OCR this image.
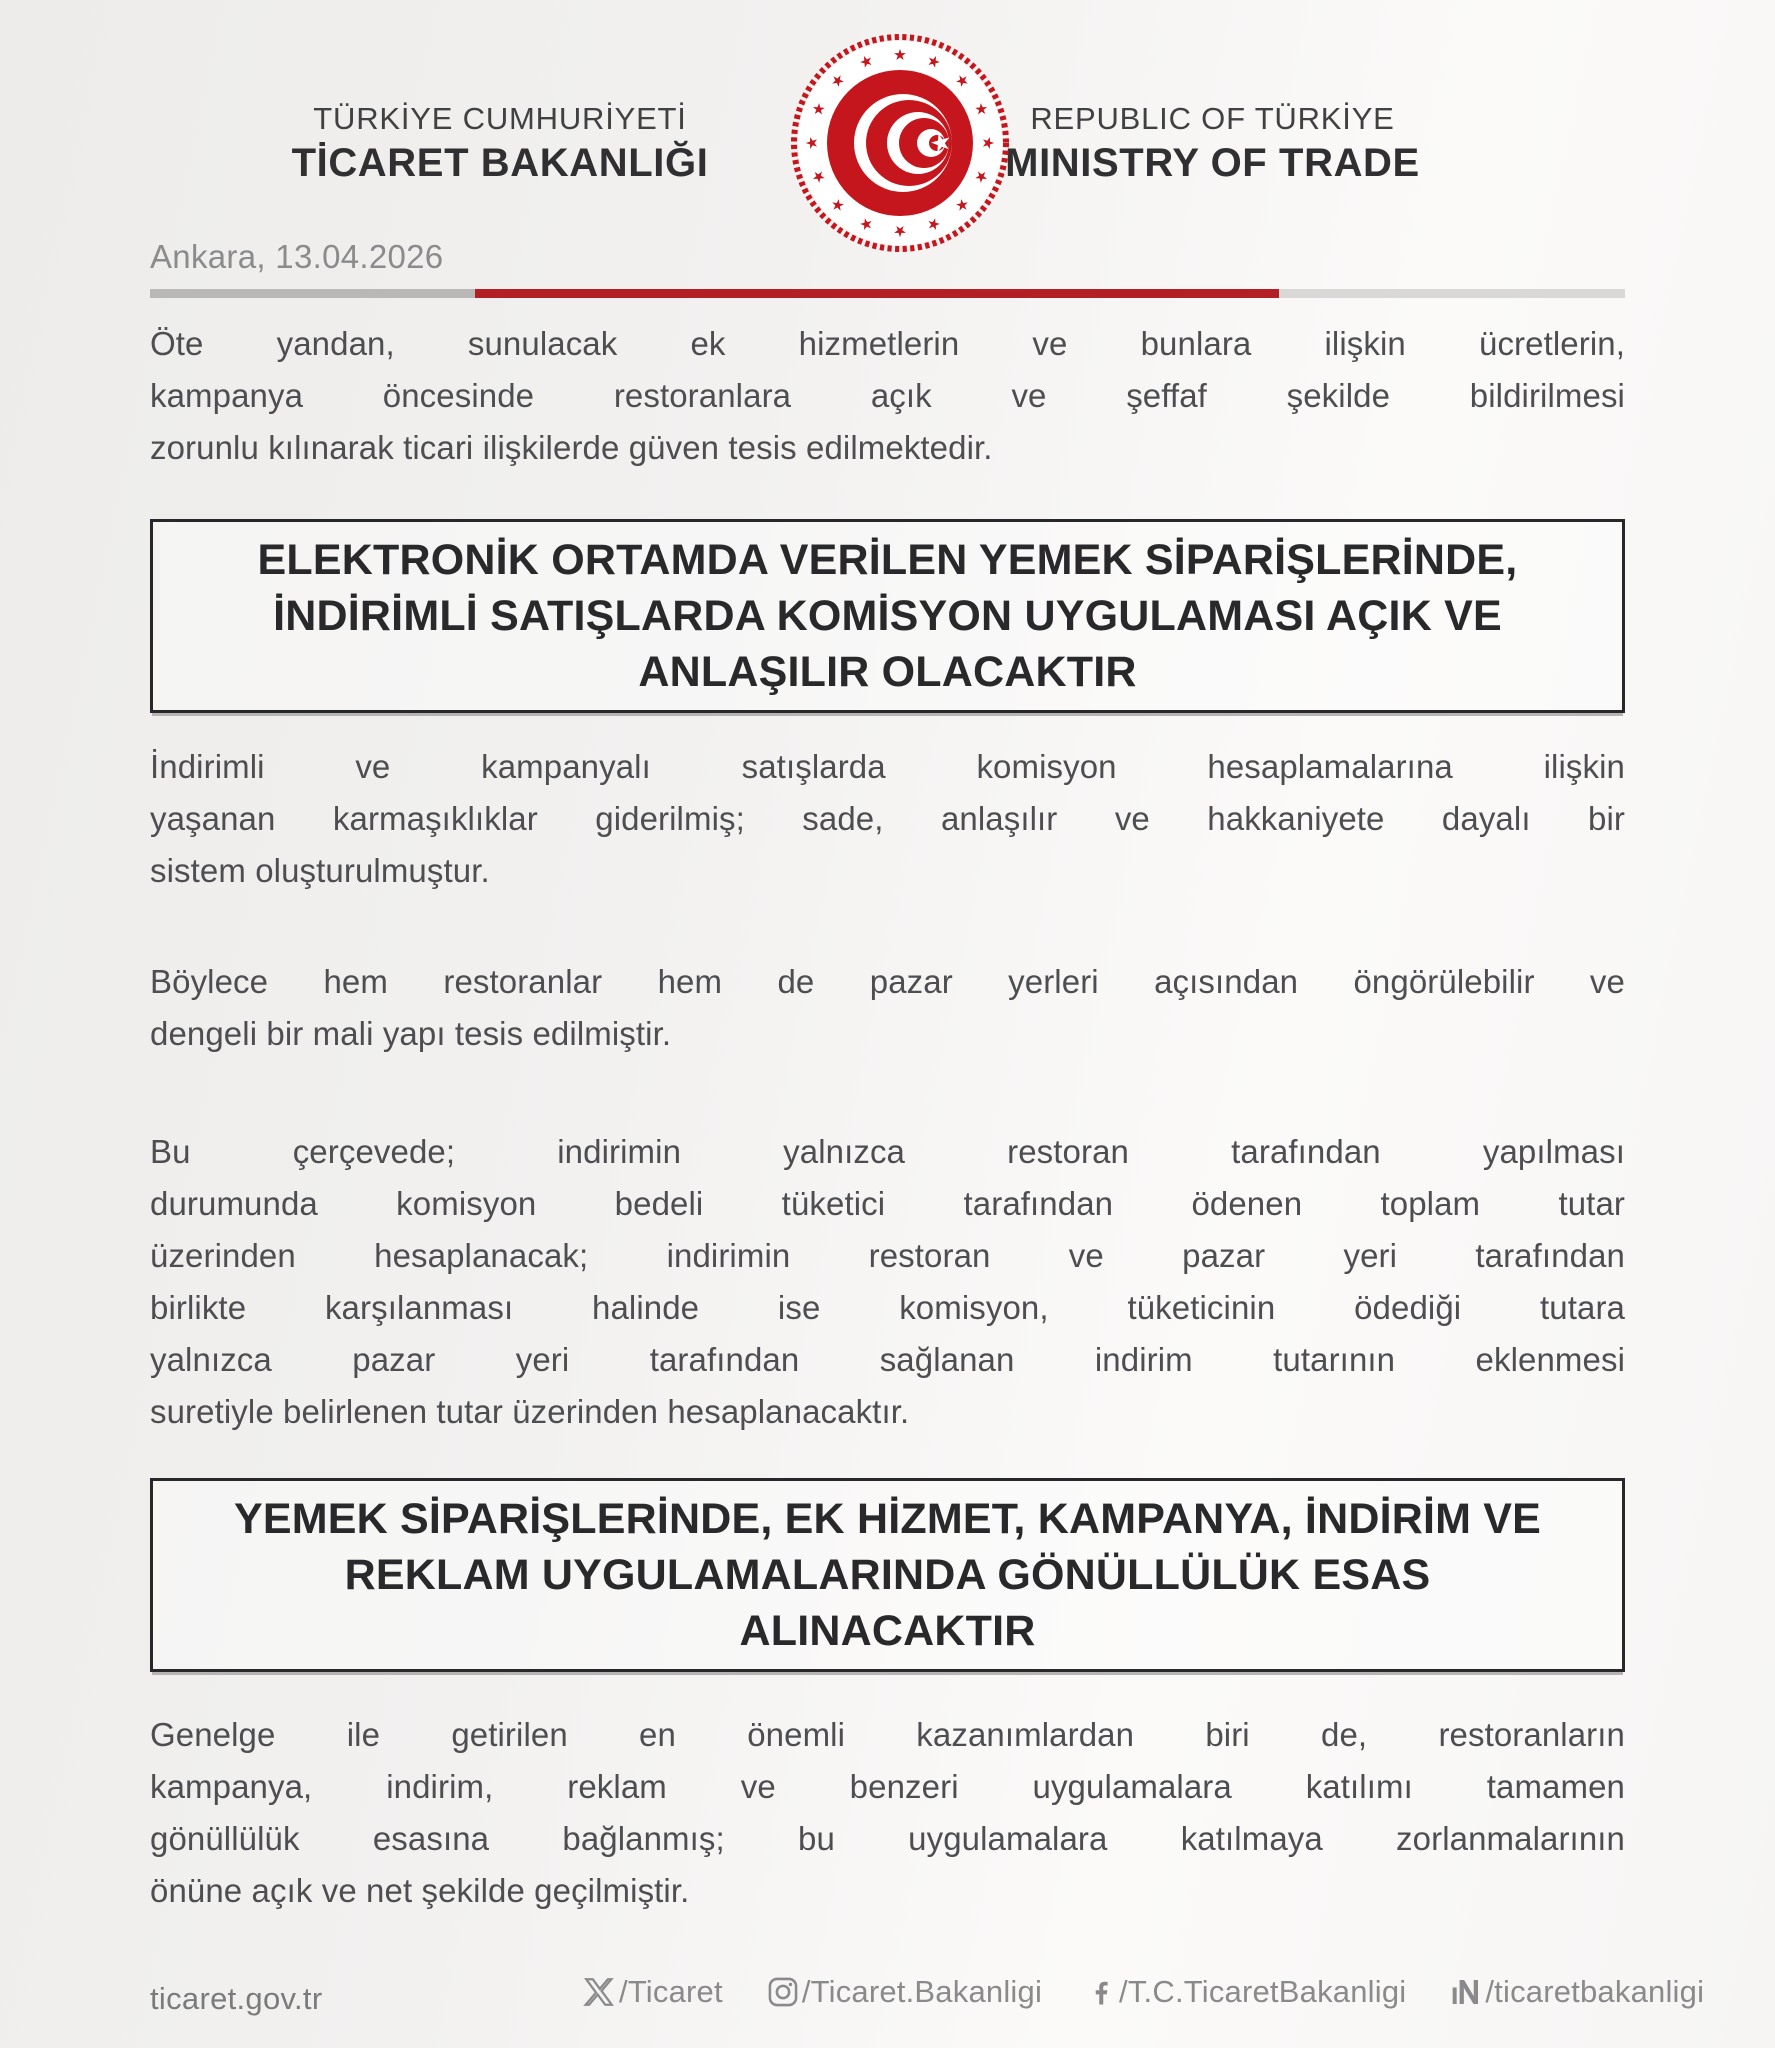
TÜRKİYE CUMHURİYETİ
TİCARET BAKANLIĞI
REPUBLIC OF TÜRKİYE
MINISTRY OF TRADE
Ankara, 13.04.2026
Öte yandan, sunulacak ek hizmetlerin ve bunlara ilişkin ücretlerin,
kampanya öncesinde restoranlara açık ve şeffaf şekilde bildirilmesi
zorunlu kılınarak ticari ilişkilerde güven tesis edilmektedir.
ELEKTRONİK ORTAMDA VERİLEN YEMEK SİPARİŞLERİNDE,
İNDİRİMLİ SATIŞLARDA KOMİSYON UYGULAMASI AÇIK VE
ANLAŞILIR OLACAKTIR
İndirimli ve kampanyalı satışlarda komisyon hesaplamalarına ilişkin
yaşanan karmaşıklıklar giderilmiş; sade, anlaşılır ve hakkaniyete dayalı bir
sistem oluşturulmuştur.
Böylece hem restoranlar hem de pazar yerleri açısından öngörülebilir ve
dengeli bir mali yapı tesis edilmiştir.
Bu çerçevede; indirimin yalnızca restoran tarafından yapılması
durumunda komisyon bedeli tüketici tarafından ödenen toplam tutar
üzerinden hesaplanacak; indirimin restoran ve pazar yeri tarafından
birlikte karşılanması halinde ise komisyon, tüketicinin ödediği tutara
yalnızca pazar yeri tarafından sağlanan indirim tutarının eklenmesi
suretiyle belirlenen tutar üzerinden hesaplanacaktır.
YEMEK SİPARİŞLERİNDE, EK HİZMET, KAMPANYA, İNDİRİM VE
REKLAM UYGULAMALARINDA GÖNÜLLÜLÜK ESAS
ALINACAKTIR
Genelge ile getirilen en önemli kazanımlardan biri de, restoranların
kampanya, indirim, reklam ve benzeri uygulamalara katılımı tamamen
gönüllülük esasına bağlanmış; bu uygulamalara katılmaya zorlanmalarının
önüne açık ve net şekilde geçilmiştir.
ticaret.gov.tr	/Ticaret	/Ticaret.Bakanligi /T.C.TicaretBakanligi	/ticaretbakanligi
